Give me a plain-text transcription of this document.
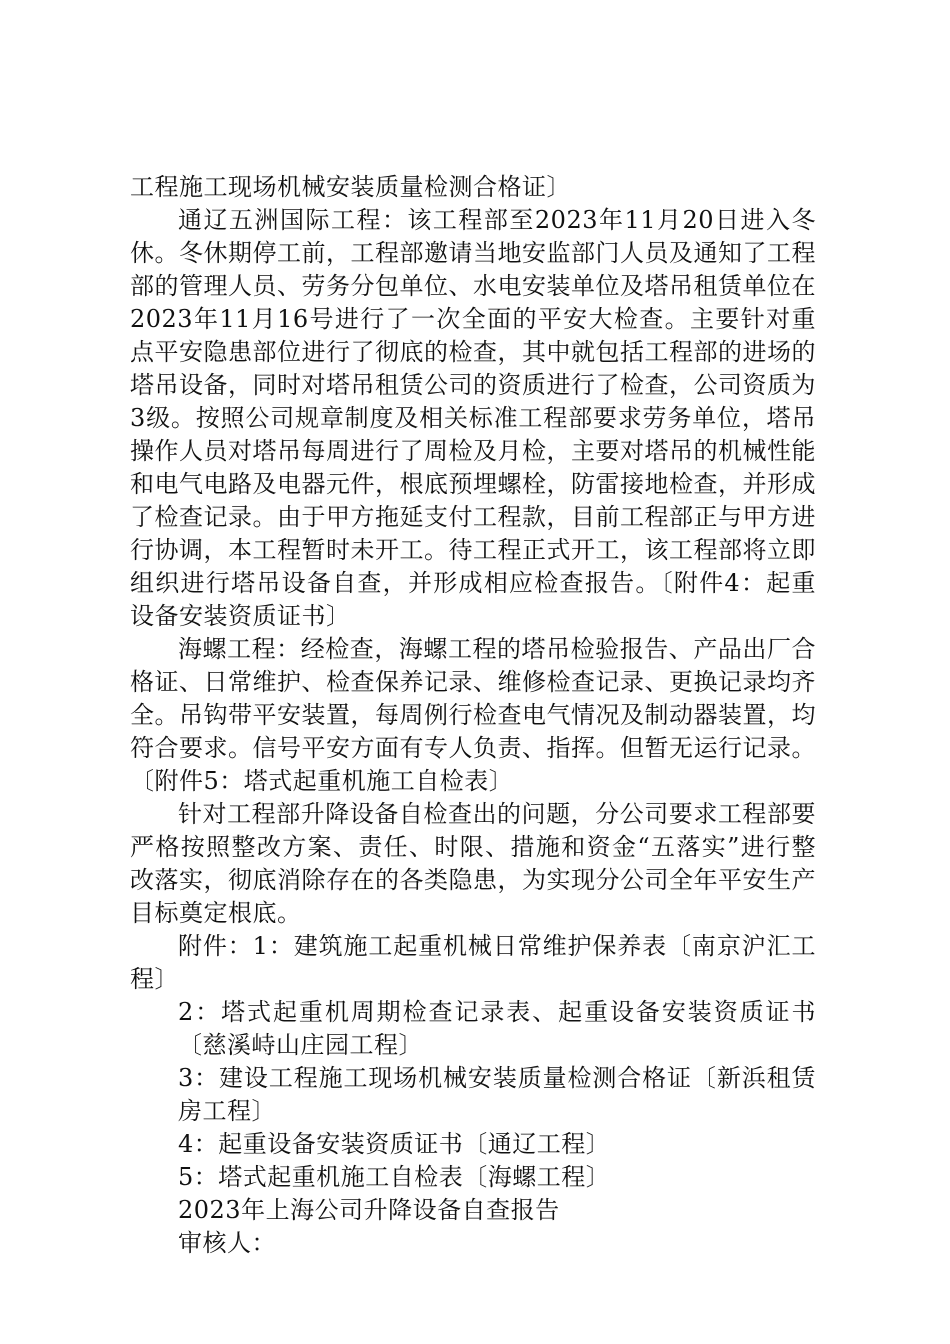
工程施工现场机械安装质量检测合格证〕

通辽五洲国际工程：该工程部至2023年11月20日进入冬休。冬休期停工前，工程部邀请当地安监部门人员及通知了工程部的管理人员、劳务分包单位、水电安装单位及塔吊租赁单位在2023年11月16号进行了一次全面的平安大检查。主要针对重点平安隐患部位进行了彻底的检查，其中就包括工程部的进场的塔吊设备，同时对塔吊租赁公司的资质进行了检查，公司资质为3级。按照公司规章制度及相关标准工程部要求劳务单位，塔吊操作人员对塔吊每周进行了周检及月检，主要对塔吊的机械性能和电气电路及电器元件，根底预埋螺栓，防雷接地检查，并形成了检查记录。由于甲方拖延支付工程款，目前工程部正与甲方进行协调，本工程暂时未开工。待工程正式开工，该工程部将立即组织进行塔吊设备自查，并形成相应检查报告。〔附件4：起重设备安装资质证书〕

海螺工程：经检查，海螺工程的塔吊检验报告、产品出厂合格证、日常维护、检查保养记录、维修检查记录、更换记录均齐全。吊钩带平安装置，每周例行检查电气情况及制动器装置，均符合要求。信号平安方面有专人负责、指挥。但暂无运行记录。〔附件5：塔式起重机施工自检表〕

针对工程部升降设备自检查出的问题，分公司要求工程部要严格按照整改方案、责任、时限、措施和资金“五落实”进行整改落实，彻底消除存在的各类隐患，为实现分公司全年平安生产目标奠定根底。

附件：1：建筑施工起重机械日常维护保养表〔南京沪汇工程〕

2：塔式起重机周期检查记录表、起重设备安装资质证书〔慈溪峙山庄园工程〕

3：建设工程施工现场机械安装质量检测合格证〔新浜租赁房工程〕

4：起重设备安装资质证书〔通辽工程〕

5：塔式起重机施工自检表〔海螺工程〕

2023年上海公司升降设备自查报告

审核人：
